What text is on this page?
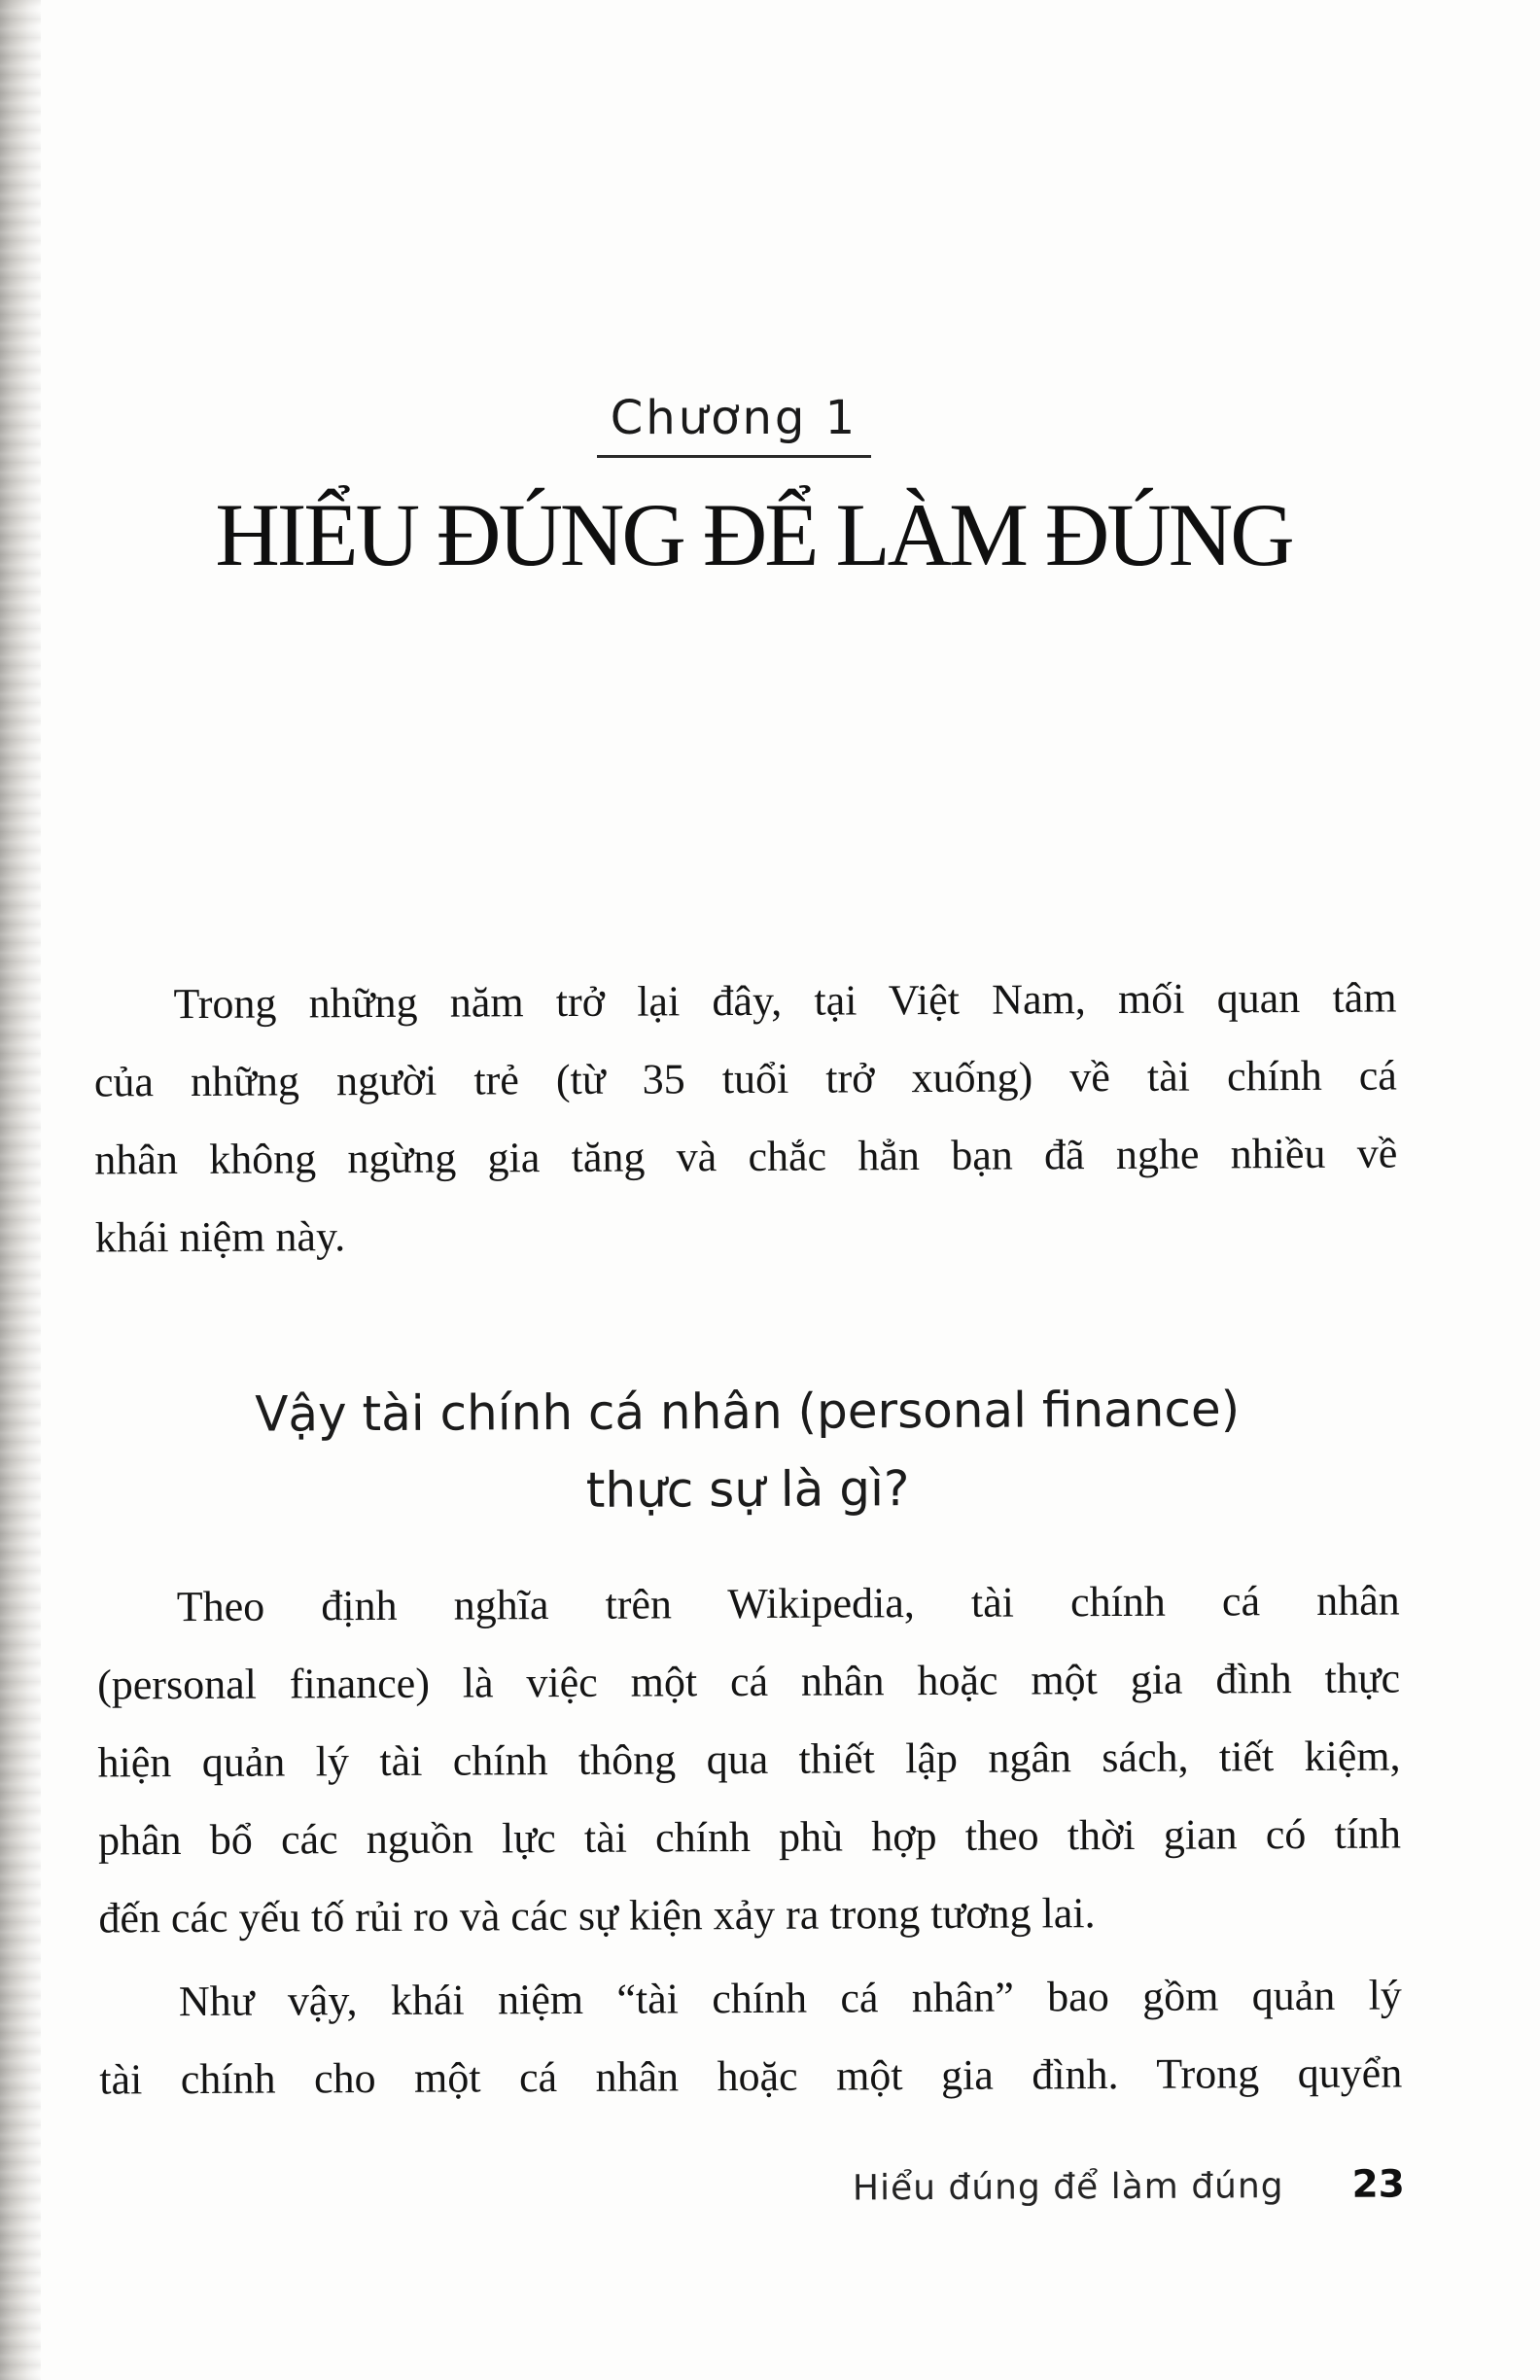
Chương 1
HIỂU ĐÚNG ĐỂ LÀM ĐÚNG
Trong những năm trở lại đây, tại Việt Nam, mối quan tâm
của những người trẻ (từ 35 tuổi trở xuống) về tài chính cá
nhân không ngừng gia tăng và chắc hẳn bạn đã nghe nhiều về
khái niệm này.
Vậy tài chính cá nhân (personal finance)
thực sự là gì?
Theo định nghĩa trên Wikipedia, tài chính cá nhân
(personal finance) là việc một cá nhân hoặc một gia đình thực
hiện quản lý tài chính thông qua thiết lập ngân sách, tiết kiệm,
phân bổ các nguồn lực tài chính phù hợp theo thời gian có tính
đến các yếu tố rủi ro và các sự kiện xảy ra trong tương lai.
Như vậy, khái niệm “tài chính cá nhân” bao gồm quản lý
tài chính cho một cá nhân hoặc một gia đình. Trong quyển
Hiểu đúng để làm đúng 23
